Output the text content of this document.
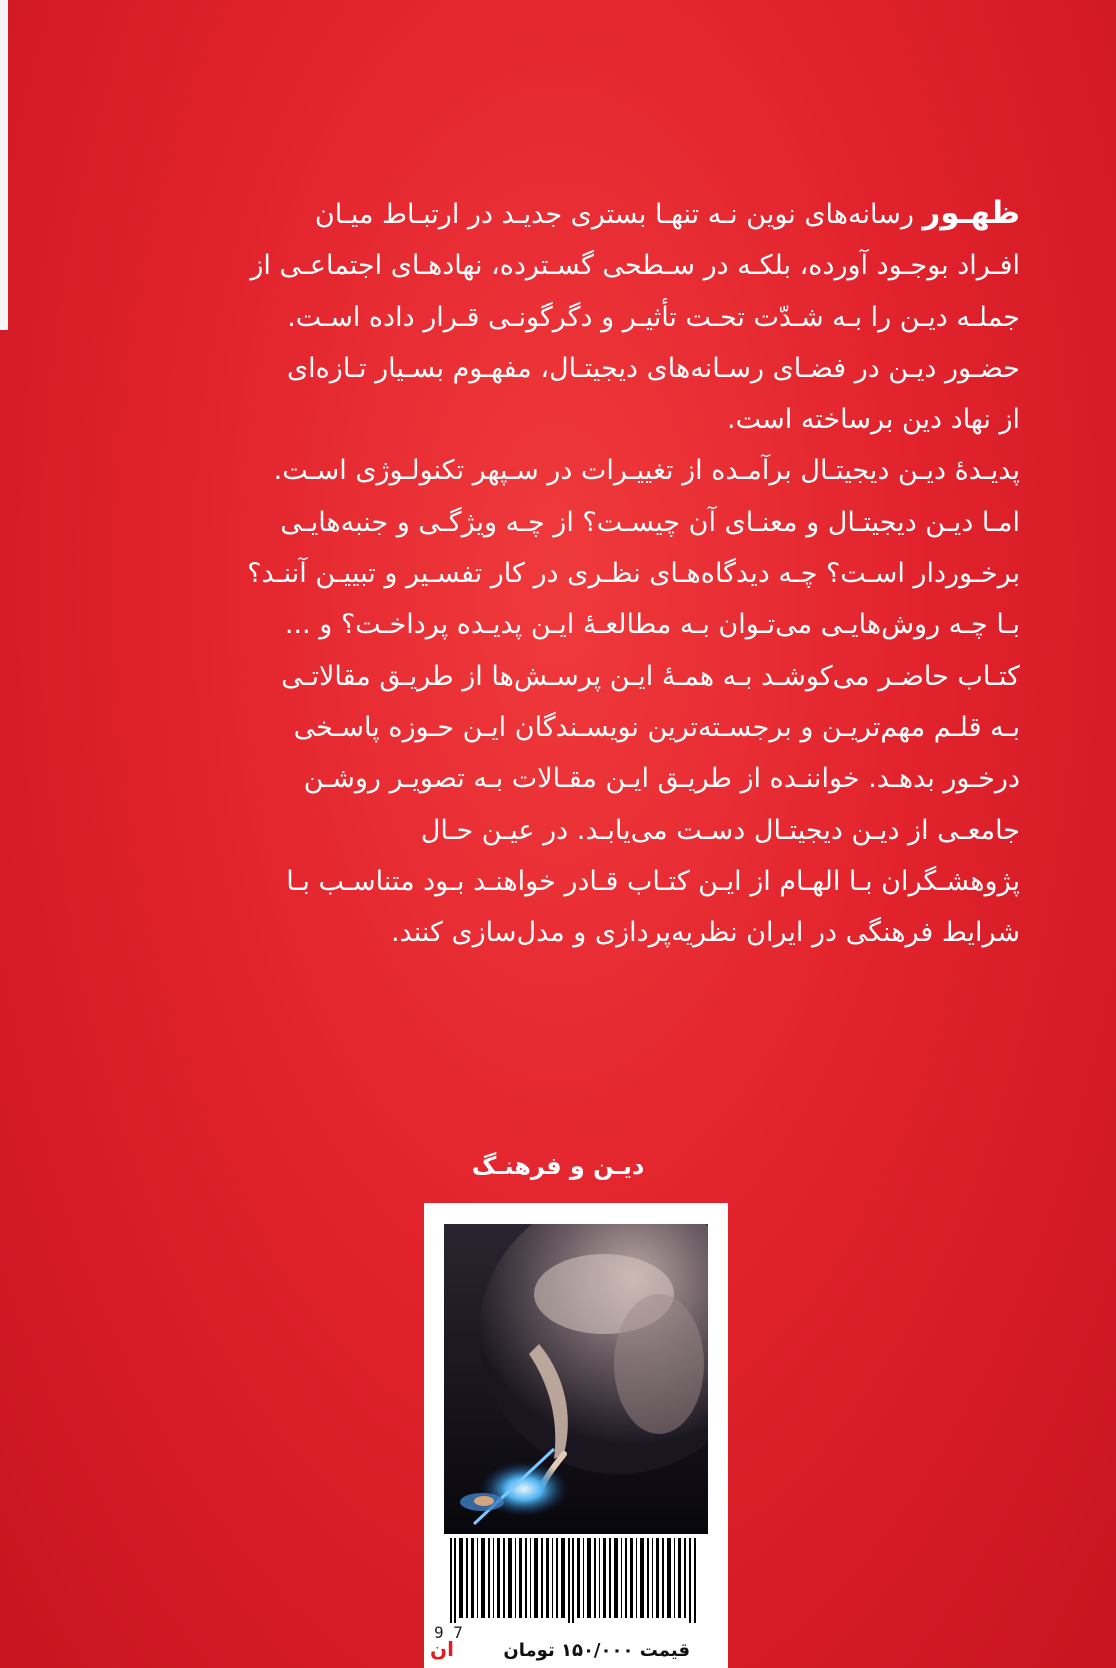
ظهـور رسانه‌های نوین نـه تنهـا بستری جدیـد در ارتبـاط میـان

افـراد بوجـود آورده، بلکـه در سـطحی گسـترده، نهادهـای اجتماعـی از

جملـه دیـن را بـه شـدّت تحـت تأثیـر و دگرگونـی قـرار داده اسـت.

حضـور دیـن در فضـای رسـانه‌های دیجیتـال، مفهـوم بسـیار تـازه‌ای

از نهاد دین برساخته است.

پدیـدهٔ دیـن دیجیتـال برآمـده از تغییـرات در سـپهر تکنولـوژی اسـت.

امـا دیـن دیجیتـال و معنـای آن چیسـت؟ از چـه ویژگـی و جنبه‌هایـی

برخـوردار اسـت؟ چـه دیدگاه‌هـای نظـری در کار تفسـیر و تبییـن آننـد؟

بـا چـه روش‌هایـی می‌تـوان بـه مطالعـهٔ ایـن پدیـده پرداخـت؟ و ...

کتـاب حاضـر می‌کوشـد بـه همـهٔ ایـن پرسـش‌ها از طریـق مقالاتـی

بـه قلـم مهم‌تریـن و برجسـته‌ترین نویسـندگان ایـن حـوزه پاسـخی

درخـور بدهـد. خواننـده از طریـق ایـن مقـالات بـه تصویـر روشـن

جامعـی از دیـن دیجیتـال دسـت می‌یابـد. در عیـن حـال

پژوهشـگران بـا الهـام از ایـن کتـاب قـادر خواهنـد بـود متناسـب بـا

شرایط فرهنگی در ایران نظریه‌پردازی و مدل‌سازی کنند.

دیـن و فرهنـگ
9 7
قیمت ۱۵۰/۰۰۰ تومان
ان
